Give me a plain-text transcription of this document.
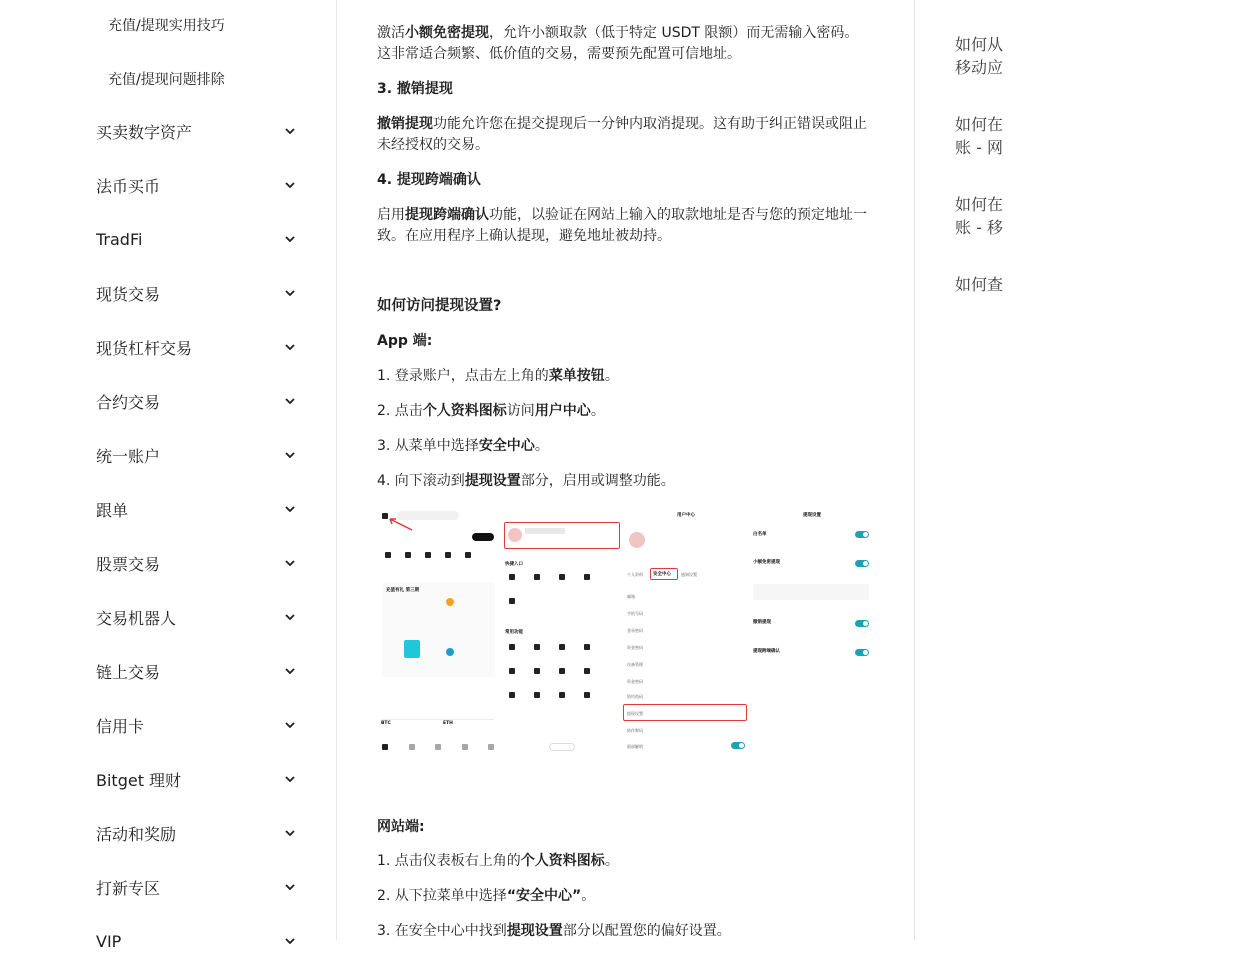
充值/提现实用技巧
充值/提现问题排除
买卖数字资产
法币买币
TradFi
现货交易
现货杠杆交易
合约交易
统一账户
跟单
股票交易
交易机器人
链上交易
信用卡
Bitget 理财
活动和奖励
打新专区
VIP
激活小额免密提现，允许小额取款（低于特定 USDT 限额）而无需输入密码。这非常适合频繁、低价值的交易，需要预先配置可信地址。
3. 撤销提现
撤销提现功能允许您在提交提现后一分钟内取消提现。这有助于纠正错误或阻止未经授权的交易。
4. 提现跨端确认
启用提现跨端确认功能，以验证在网站上输入的取款地址是否与您的预定地址一致。在应用程序上确认提现，避免地址被劫持。
如何访问提现设置?
App 端:
1. 登录账户，点击左上角的菜单按钮。
2. 点击个人资料图标访问用户中心。
3. 从菜单中选择安全中心。
4. 向下滚动到提现设置部分，启用或调整功能。
网站端:
1. 点击仪表板右上角的个人资料图标。
2. 从下拉菜单中选择“安全中心”。
3. 在安全中心中找到提现设置部分以配置您的偏好设置。
充值有礼 第三期
BTC	ETH
快捷入口
常用功能
用户中心
个人资料 安全中心	通知设置
邮箱
手机号码
登录密码
资金密码
设备管理
资金密码
防钓鱼码
提现设置
防作弊码
面部解锁
提现设置
白名单
小额免密提现
撤销提现
提现跨端确认
如何从
移动应
如何在
账 - 网
如何在
账 - 移
如何查
